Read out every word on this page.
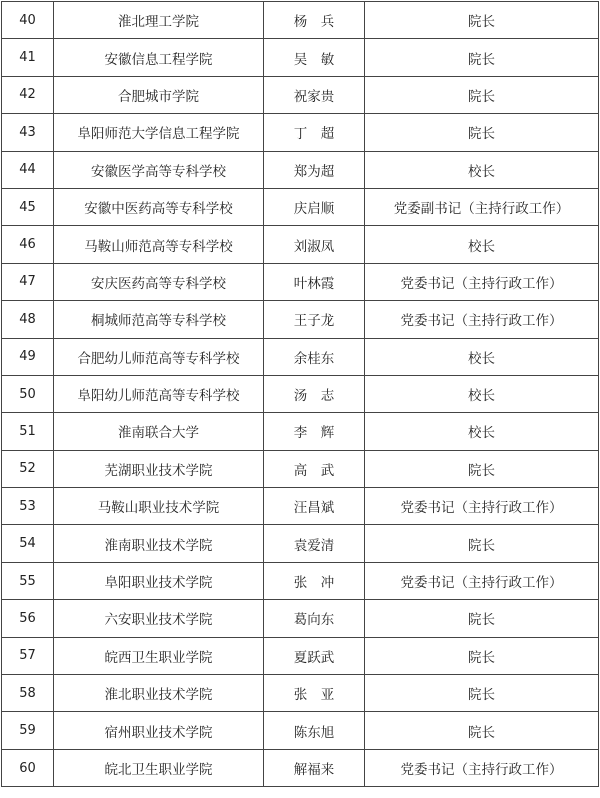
40	淮北理工学院	杨　兵	院长
41	安徽信息工程学院	吴　敏	院长
42	合肥城市学院	祝家贵	院长
43	阜阳师范大学信息工程学院	丁　超	院长
44	安徽医学高等专科学校	郑为超	校长
45	安徽中医药高等专科学校	庆启顺	党委副书记（主持行政工作）
46	马鞍山师范高等专科学校	刘淑凤	校长
47	安庆医药高等专科学校	叶林霞	党委书记（主持行政工作）
48	桐城师范高等专科学校	王子龙	党委书记（主持行政工作）
49	合肥幼儿师范高等专科学校	余桂东	校长
50	阜阳幼儿师范高等专科学校	汤　志	校长
51	淮南联合大学	李　辉	校长
52	芜湖职业技术学院	高　武	院长
53	马鞍山职业技术学院	汪昌斌	党委书记（主持行政工作）
54	淮南职业技术学院	袁爱清	院长
55	阜阳职业技术学院	张　冲	党委书记（主持行政工作）
56	六安职业技术学院	葛向东	院长
57	皖西卫生职业学院	夏跃武	院长
58	淮北职业技术学院	张　亚	院长
59	宿州职业技术学院	陈东旭	院长
60	皖北卫生职业学院	解福来	党委书记（主持行政工作）
